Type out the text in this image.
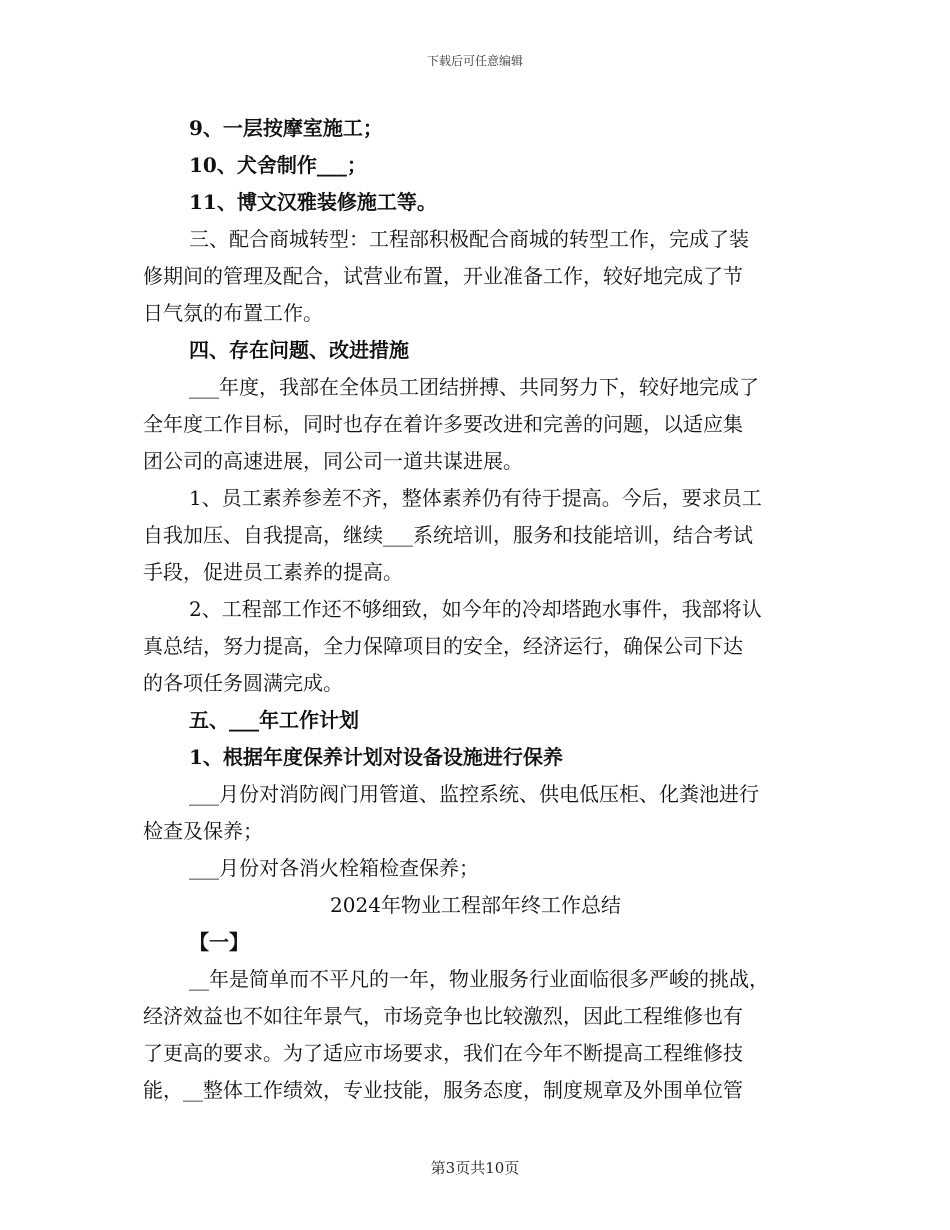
下载后可任意编辑
9、一层按摩室施工；
10、犬舍制作___；
11、博文汉雅装修施工等。
三、配合商城转型：工程部积极配合商城的转型工作，完成了装
修期间的管理及配合，试营业布置，开业准备工作，较好地完成了节
日气氛的布置工作。
四、存在问题、改进措施
___年度，我部在全体员工团结拼搏、共同努力下，较好地完成了
全年度工作目标，同时也存在着许多要改进和完善的问题，以适应集
团公司的高速进展，同公司一道共谋进展。
1、员工素养参差不齐，整体素养仍有待于提高。今后，要求员工
自我加压、自我提高，继续___系统培训，服务和技能培训，结合考试
手段，促进员工素养的提高。
2、工程部工作还不够细致，如今年的冷却塔跑水事件，我部将认
真总结，努力提高，全力保障项目的安全，经济运行，确保公司下达
的各项任务圆满完成。
五、___年工作计划
1、根据年度保养计划对设备设施进行保养
___月份对消防阀门用管道、监控系统、供电低压柜、化粪池进行
检查及保养；
___月份对各消火栓箱检查保养；
2024年物业工程部年终工作总结
【一】
__年是简单而不平凡的一年，物业服务行业面临很多严峻的挑战，
经济效益也不如往年景气，市场竞争也比较激烈，因此工程维修也有
了更高的要求。为了适应市场要求，我们在今年不断提高工程维修技
能，__整体工作绩效，专业技能，服务态度，制度规章及外围单位管
第3页共10页
